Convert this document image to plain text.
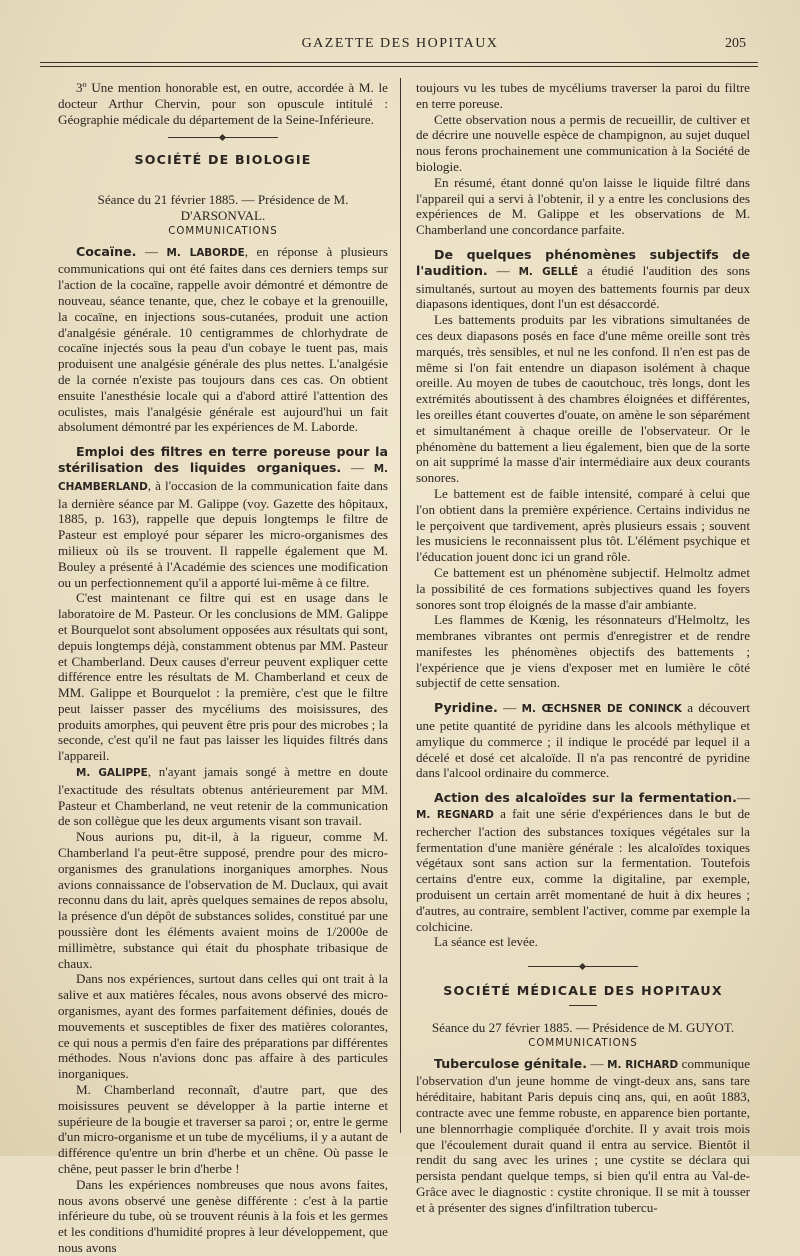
GAZETTE DES HOPITAUX	205

3º Une mention honorable est, en outre, accordée à M. le docteur Arthur Chervin, pour son opuscule intitulé : Géographie médicale du département de la Seine-Inférieure.

SOCIÉTÉ DE BIOLOGIE

Séance du 21 février 1885. — Présidence de M. D'ARSONVAL.

COMMUNICATIONS

Cocaïne. — M. LABORDE, en réponse à plusieurs communications qui ont été faites dans ces derniers temps sur l'action de la cocaïne, rappelle avoir démontré et démontre de nouveau, séance tenante, que, chez le cobaye et la grenouille, la cocaïne, en injections sous-cutanées, produit une action d'analgésie générale. 10 centigrammes de chlorhydrate de cocaïne injectés sous la peau d'un cobaye le tuent pas, mais produisent une analgésie générale des plus nettes. L'analgésie de la cornée n'existe pas toujours dans ces cas. On obtient ensuite l'anesthésie locale qui a d'abord attiré l'attention des oculistes, mais l'analgésie générale est aujourd'hui un fait absolument démontré par les expériences de M. Laborde.

Emploi des filtres en terre poreuse pour la stérilisation des liquides organiques. — M. CHAMBERLAND, à l'occasion de la communication faite dans la dernière séance par M. Galippe (voy. Gazette des hôpitaux, 1885, p. 163), rappelle que depuis longtemps le filtre de Pasteur est employé pour séparer les micro-organismes des milieux où ils se trouvent. Il rappelle également que M. Bouley a présenté à l'Académie des sciences une modification ou un perfectionnement qu'il a apporté lui-même à ce filtre.

C'est maintenant ce filtre qui est en usage dans le laboratoire de M. Pasteur. Or les conclusions de MM. Galippe et Bourquelot sont absolument opposées aux résultats qui sont, depuis longtemps déjà, constamment obtenus par MM. Pasteur et Chamberland. Deux causes d'erreur peuvent expliquer cette différence entre les résultats de M. Chamberland et ceux de MM. Galippe et Bourquelot : la première, c'est que le filtre peut laisser passer des mycéliums des moisissures, des produits amorphes, qui peuvent être pris pour des microbes ; la seconde, c'est qu'il ne faut pas laisser les liquides filtrés dans l'appareil.

M. GALIPPE, n'ayant jamais songé à mettre en doute l'exactitude des résultats obtenus antérieurement par MM. Pasteur et Chamberland, ne veut retenir de la communication de son collègue que les deux arguments visant son travail.

Nous aurions pu, dit-il, à la rigueur, comme M. Chamberland l'a peut-être supposé, prendre pour des micro-organismes des granulations inorganiques amorphes. Nous avions connaissance de l'observation de M. Duclaux, qui avait reconnu dans du lait, après quelques semaines de repos absolu, la présence d'un dépôt de substances solides, constitué par une poussière dont les éléments avaient moins de 1/2000e de millimètre, substance qui était du phosphate tribasique de chaux.

Dans nos expériences, surtout dans celles qui ont trait à la salive et aux matières fécales, nous avons observé des micro-organismes, ayant des formes parfaitement définies, doués de mouvements et susceptibles de fixer des matières colorantes, ce qui nous a permis d'en faire des préparations par différentes méthodes. Nous n'avions donc pas affaire à des particules inorganiques.

M. Chamberland reconnaît, d'autre part, que des moisissures peuvent se développer à la partie interne et supérieure de la bougie et traverser sa paroi ; or, entre le germe d'un micro-organisme et un tube de mycéliums, il y a autant de différence qu'entre un brin d'herbe et un chêne. Où passe le chêne, peut passer le brin d'herbe !

Dans les expériences nombreuses que nous avons faites, nous avons observé une genèse différente : c'est à la partie inférieure du tube, où se trouvent réunis à la fois et les germes et les conditions d'humidité propres à leur développement, que nous avons

toujours vu les tubes de mycéliums traverser la paroi du filtre en terre poreuse.

Cette observation nous a permis de recueillir, de cultiver et de décrire une nouvelle espèce de champignon, au sujet duquel nous ferons prochainement une communication à la Société de biologie.

En résumé, étant donné qu'on laisse le liquide filtré dans l'appareil qui a servi à l'obtenir, il y a entre les conclusions des expériences de M. Galippe et les observations de M. Chamberland une concordance parfaite.

De quelques phénomènes subjectifs de l'audition. — M. GELLÉ a étudié l'audition des sons simultanés, surtout au moyen des battements fournis par deux diapasons identiques, dont l'un est désaccordé.

Les battements produits par les vibrations simultanées de ces deux diapasons posés en face d'une même oreille sont très marqués, très sensibles, et nul ne les confond. Il n'en est pas de même si l'on fait entendre un diapason isolément à chaque oreille. Au moyen de tubes de caoutchouc, très longs, dont les extrémités aboutissent à des chambres éloignées et différentes, les oreilles étant couvertes d'ouate, on amène le son séparément et simultanément à chaque oreille de l'observateur. Or le phénomène du battement a lieu également, bien que de la sorte on ait supprimé la masse d'air intermédiaire aux deux courants sonores.

Le battement est de faible intensité, comparé à celui que l'on obtient dans la première expérience. Certains individus ne le perçoivent que tardivement, après plusieurs essais ; souvent les musiciens le reconnaissent plus tôt. L'élément psychique et l'éducation jouent donc ici un grand rôle.

Ce battement est un phénomène subjectif. Helmoltz admet la possibilité de ces formations subjectives quand les foyers sonores sont trop éloignés de la masse d'air ambiante.

Les flammes de Kœnig, les résonnateurs d'Helmoltz, les membranes vibrantes ont permis d'enregistrer et de rendre manifestes les phénomènes objectifs des battements ; l'expérience que je viens d'exposer met en lumière le côté subjectif de cette sensation.

Pyridine. — M. ŒCHSNER DE CONINCK a découvert une petite quantité de pyridine dans les alcools méthylique et amylique du commerce ; il indique le procédé par lequel il a décelé et dosé cet alcaloïde. Il n'a pas rencontré de pyridine dans l'alcool ordinaire du commerce.

Action des alcaloïdes sur la fermentation.— M. REGNARD a fait une série d'expériences dans le but de rechercher l'action des substances toxiques végétales sur la fermentation d'une manière générale : les alcaloïdes toxiques végétaux sont sans action sur la fermentation. Toutefois certains d'entre eux, comme la digitaline, par exemple, produisent un certain arrêt momentané de huit à dix heures ; d'autres, au contraire, semblent l'activer, comme par exemple la colchicine.

La séance est levée.

SOCIÉTÉ MÉDICALE DES HOPITAUX

Séance du 27 février 1885. — Présidence de M. GUYOT.

COMMUNICATIONS

Tuberculose génitale. — M. RICHARD communique l'observation d'un jeune homme de vingt-deux ans, sans tare héréditaire, habitant Paris depuis cinq ans, qui, en août 1883, contracte avec une femme robuste, en apparence bien portante, une blennorrhagie compliquée d'orchite. Il y avait trois mois que l'écoulement durait quand il entra au service. Bientôt il rendit du sang avec les urines ; une cystite se déclara qui persista pendant quelque temps, si bien qu'il entra au Val-de-Grâce avec le diagnostic : cystite chronique. Il se mit à tousser et à présenter des signes d'infiltration tubercu-
